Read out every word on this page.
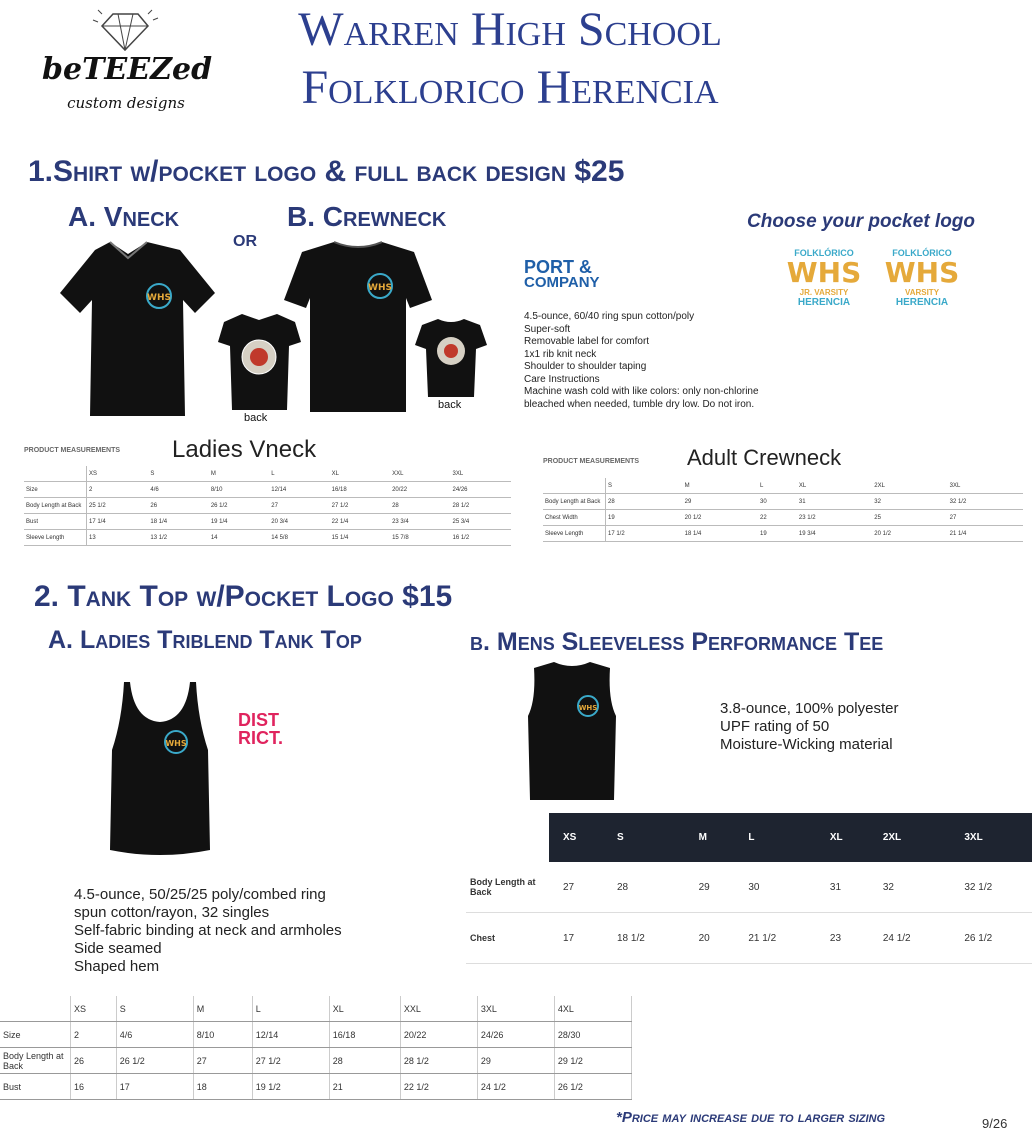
beTEEZed
custom designs
Warren High School
Folklorico Herencia
1.Shirt w/pocket logo & full back design $25
A. Vneck
OR
B. Crewneck
WHS
back
WHS
back
PORT &
COMPANY
4.5-ounce, 60/40 ring spun cotton/poly
Super-soft
Removable label for comfort
1x1 rib knit neck
Shoulder to shoulder taping
Care Instructions
Machine wash cold with like colors: only non-chlorine
bleached when needed, tumble dry low. Do not iron.
Choose your pocket logo
FOLKLÓRICO
WHS
JR. VARSITY
HERENCIA
FOLKLÓRICO
WHS
VARSITY
HERENCIA
PRODUCT MEASUREMENTS Ladies Vneck
	XS	S	M	L	XL	XXL	3XL
Size	2	4/6	8/10	12/14	16/18	20/22	24/26
Body Length at Back	25 1/2	26	26 1/2	27	27 1/2	28	28 1/2
Bust	17 1/4	18 1/4	19 1/4	20 3/4	22 1/4	23 3/4	25 3/4
Sleeve Length	13	13 1/2	14	14 5/8	15 1/4	15 7/8	16 1/2
PRODUCT MEASUREMENTS Adult Crewneck
	S	M	L	XL	2XL	3XL
Body Length at Back	28	29	30	31	32	32 1/2
Chest Width	19	20 1/2	22	23 1/2	25	27
Sleeve Length	17 1/2	18 1/4	19	19 3/4	20 1/2	21 1/4
2. Tank Top w/Pocket Logo $15
A. Ladies Triblend Tank Top	b. Mens Sleeveless Performance Tee
WHS
DIST
RICT.
WHS	3.8-ounce, 100% polyester
UPF rating of 50
Moisture-Wicking material
	XS	S	M	L	XL	2XL	3XL
Body Length at Back	27	28	29	30	31	32	32 1/2
Chest	17	18 1/2	20	21 1/2	23	24 1/2	26 1/2
4.5-ounce, 50/25/25 poly/combed ring
spun cotton/rayon, 32 singles
Self-fabric binding at neck and armholes
Side seamed
Shaped hem
	XS	S	M	L	XL	XXL	3XL	4XL
Size	2	4/6	8/10	12/14	16/18	20/22	24/26	28/30
Body Length at Back	26	26 1/2	27	27 1/2	28	28 1/2	29	29 1/2
Bust	16	17	18	19 1/2	21	22 1/2	24 1/2	26 1/2
*Price may increase due to larger sizing	9/26
